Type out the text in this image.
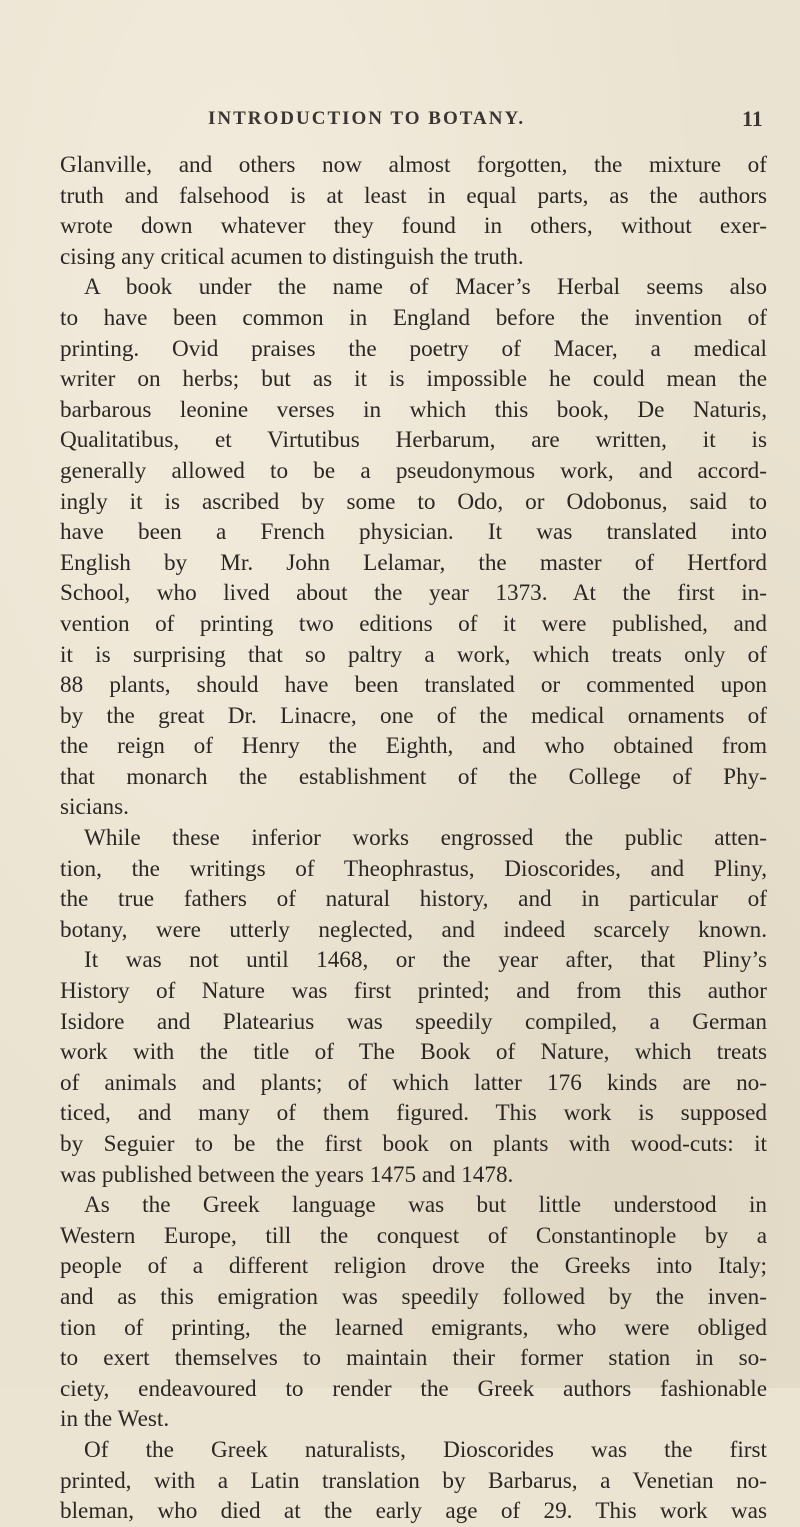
INTRODUCTION TO BOTANY.	11
Glanville, and others now almost forgotten, the mixture of
truth and falsehood is at least in equal parts, as the authors
wrote down whatever they found in others, without exer-
cising any critical acumen to distinguish the truth.
A book under the name of Macer’s Herbal seems also
to have been common in England before the invention of
printing. Ovid praises the poetry of Macer, a medical
writer on herbs; but as it is impossible he could mean the
barbarous leonine verses in which this book, De Naturis,
Qualitatibus, et Virtutibus Herbarum, are written, it is
generally allowed to be a pseudonymous work, and accord-
ingly it is ascribed by some to Odo, or Odobonus, said to
have been a French physician. It was translated into
English by Mr. John Lelamar, the master of Hertford
School, who lived about the year 1373. At the first in-
vention of printing two editions of it were published, and
it is surprising that so paltry a work, which treats only of
88 plants, should have been translated or commented upon
by the great Dr. Linacre, one of the medical ornaments of
the reign of Henry the Eighth, and who obtained from
that monarch the establishment of the College of Phy-
sicians.
While these inferior works engrossed the public atten-
tion, the writings of Theophrastus, Dioscorides, and Pliny,
the true fathers of natural history, and in particular of
botany, were utterly neglected, and indeed scarcely known.
It was not until 1468, or the year after, that Pliny’s
History of Nature was first printed; and from this author
Isidore and Platearius was speedily compiled, a German
work with the title of The Book of Nature, which treats
of animals and plants; of which latter 176 kinds are no-
ticed, and many of them figured. This work is supposed
by Seguier to be the first book on plants with wood-cuts: it
was published between the years 1475 and 1478.
As the Greek language was but little understood in
Western Europe, till the conquest of Constantinople by a
people of a different religion drove the Greeks into Italy;
and as this emigration was speedily followed by the inven-
tion of printing, the learned emigrants, who were obliged
to exert themselves to maintain their former station in so-
ciety, endeavoured to render the Greek authors fashionable
in the West.
Of the Greek naturalists, Dioscorides was the first
printed, with a Latin translation by Barbarus, a Venetian no-
bleman, who died at the early age of 29. This work was
